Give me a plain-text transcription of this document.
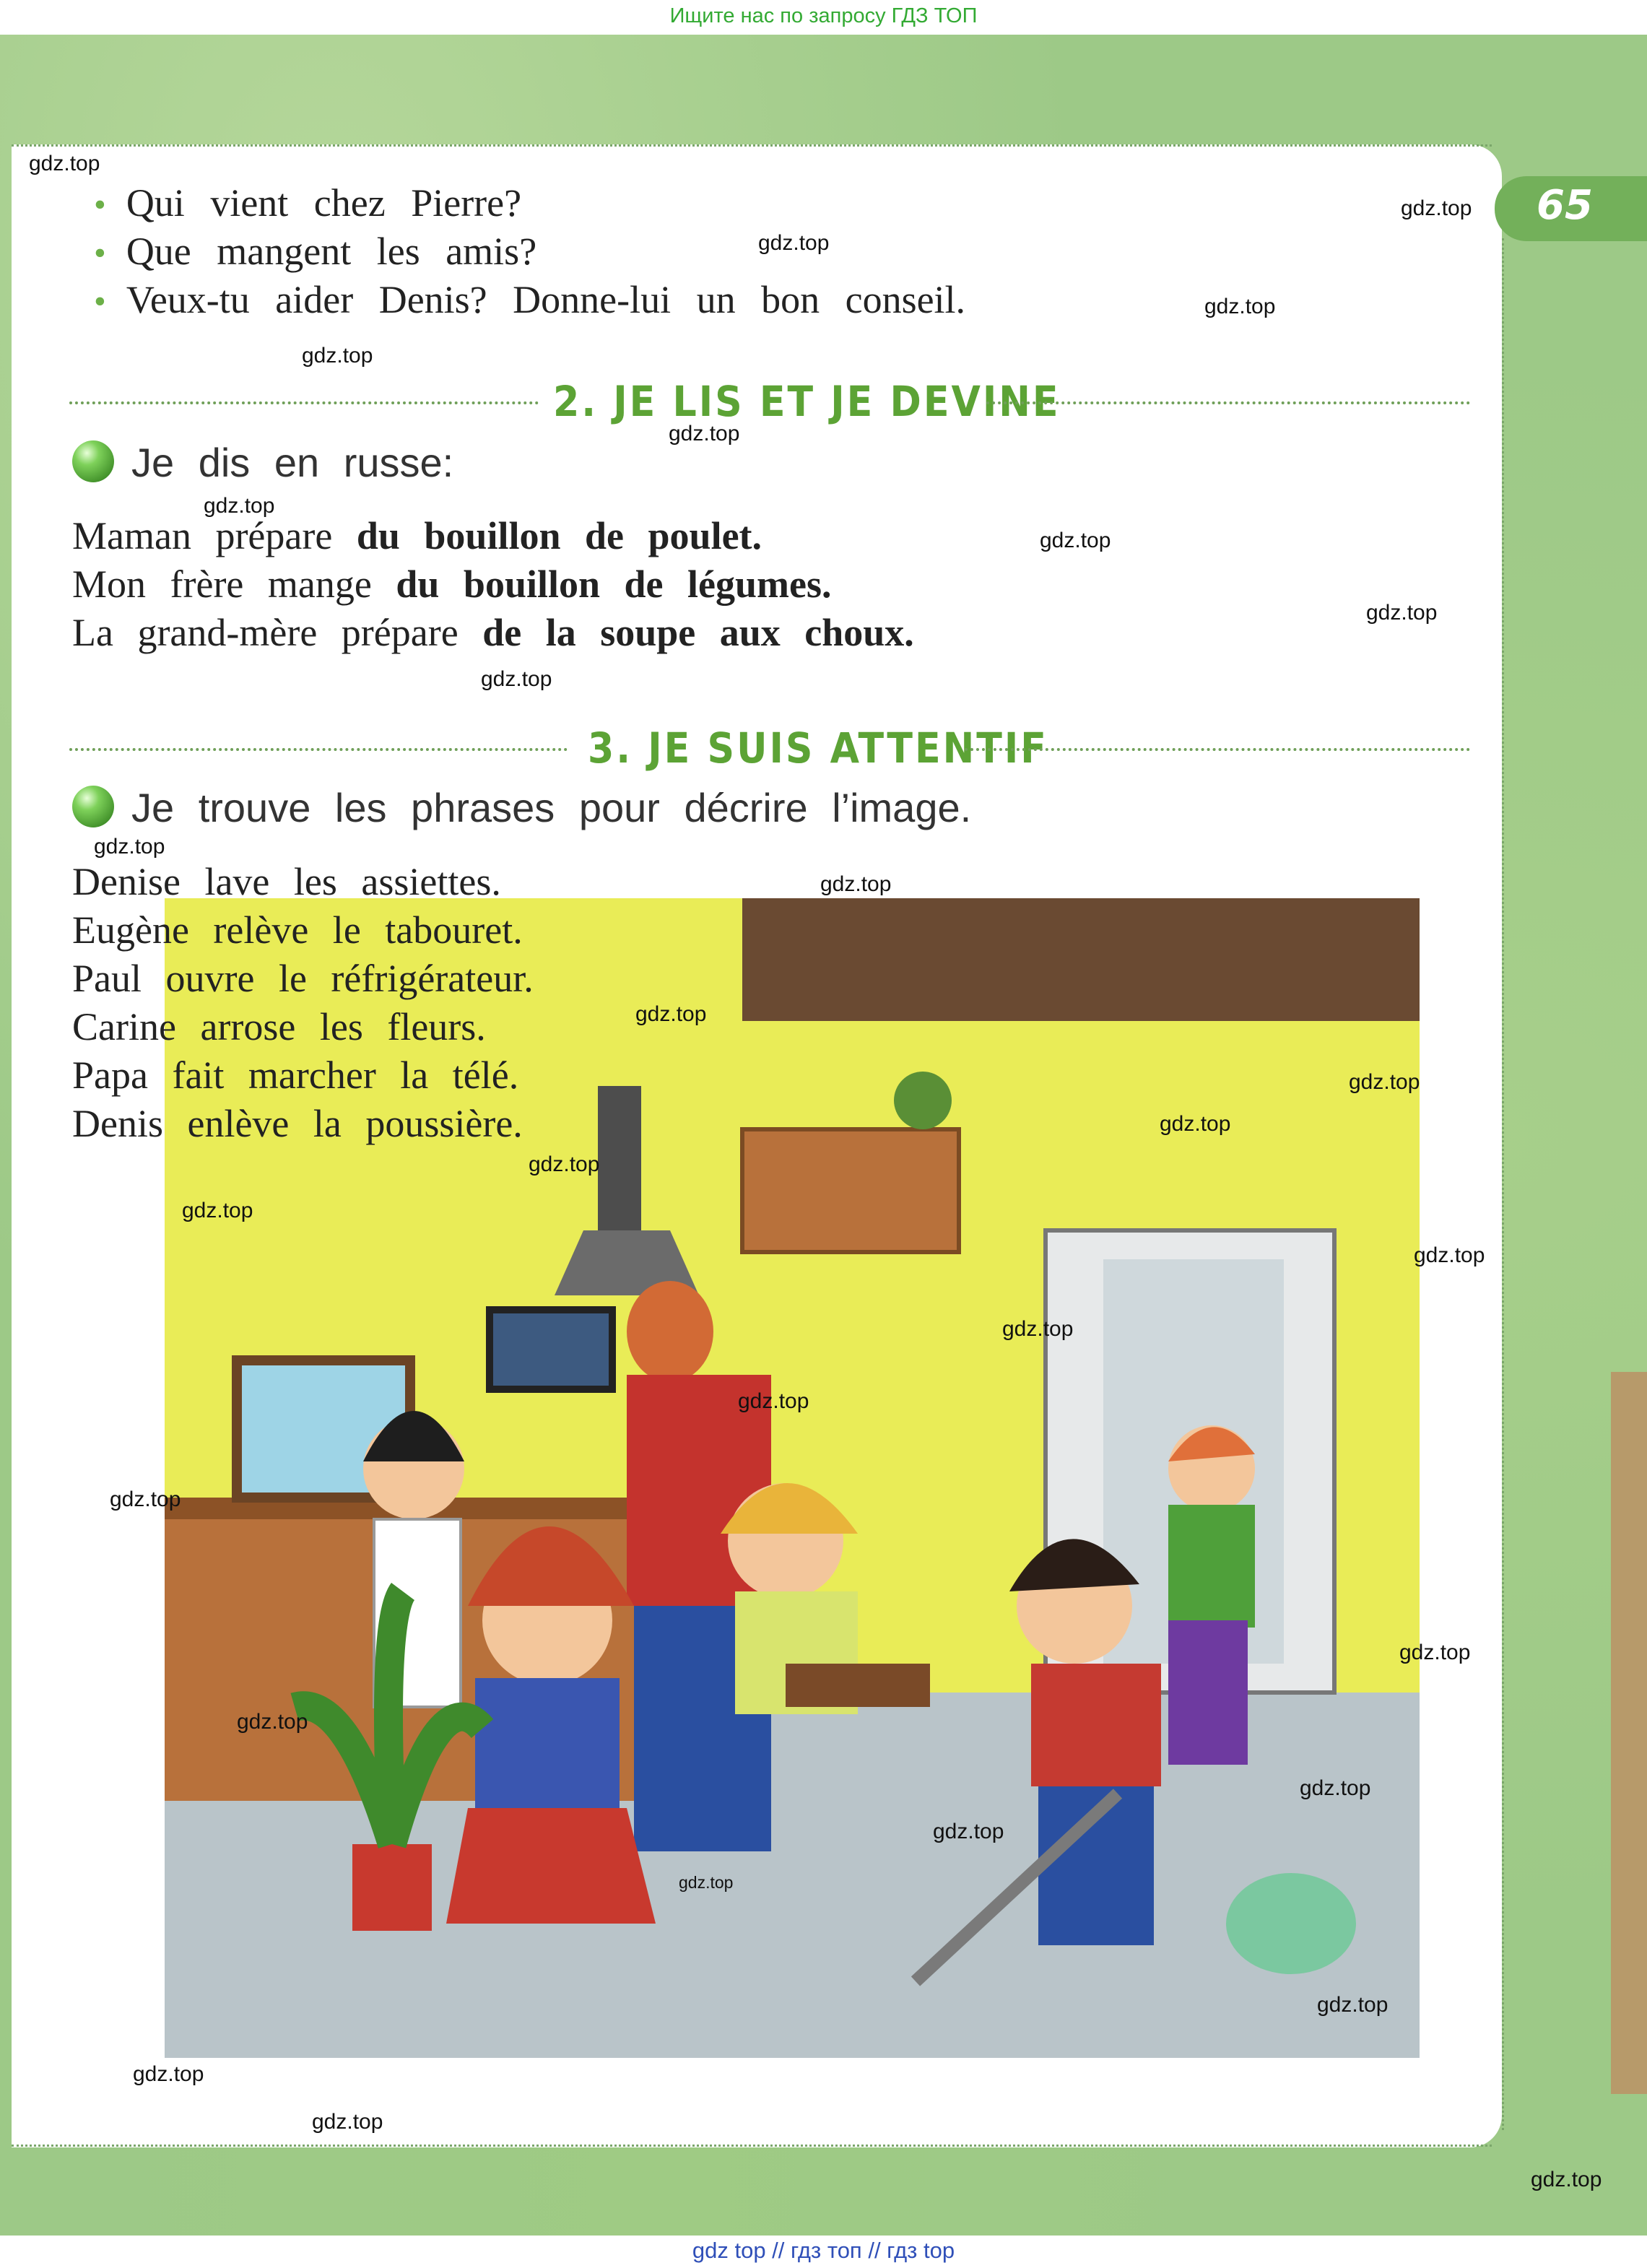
Ищите нас по запросу ГДЗ ТОП
65
• Qui vient chez Pierre?
• Que mangent les amis?
• Veux-tu aider Denis? Donne-lui un bon conseil.
2. JE LIS ET JE DEVINE
Je dis en russe:
Maman prépare du bouillon de poulet.
Mon frère mange du bouillon de légumes.
La grand-mère prépare de la soupe aux choux.
3. JE SUIS ATTENTIF
Je trouve les phrases pour décrire l’image.
Denise lave les assiettes.
Eugène relève le tabouret.
Paul ouvre le réfrigérateur.
Carine arrose les fleurs.
Papa fait marcher la télé.
Denis enlève la poussière.
gdz.top
gdz.top
gdz.top
gdz.top
gdz.top
gdz.top
gdz.top
gdz.top
gdz.top
gdz.top
gdz.top
gdz.top
gdz.top
gdz.top
gdz.top
gdz.top
gdz.top
gdz.top
gdz.top
gdz.top
gdz.top
gdz.top
gdz.top
gdz.top
gdz.top
gdz.top
gdz.top
gdz.top
gdz.top
gdz.top
gdz top // гдз топ // гдз top
